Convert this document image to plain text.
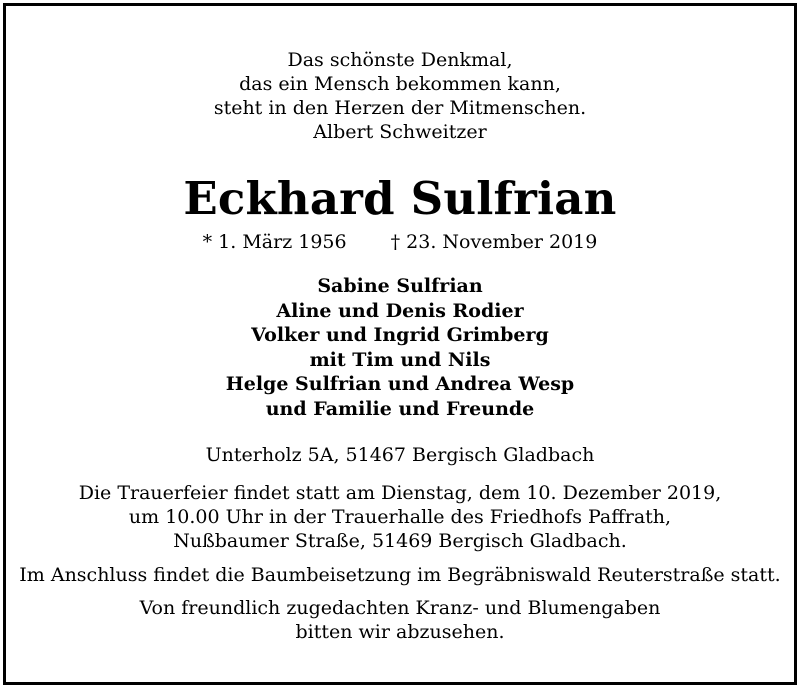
Das schönste Denkmal,
das ein Mensch bekommen kann,
steht in den Herzen der Mitmenschen.
Albert Schweitzer
Eckhard Sulfrian
* 1. März 1956 † 23. November 2019
Sabine Sulfrian
Aline und Denis Rodier
Volker und Ingrid Grimberg
mit Tim und Nils
Helge Sulfrian und Andrea Wesp
und Familie und Freunde
Unterholz 5A, 51467 Bergisch Gladbach
Die Trauerfeier findet statt am Dienstag, dem 10. Dezember 2019,
um 10.00 Uhr in der Trauerhalle des Friedhofs Paffrath,
Nußbaumer Straße, 51469 Bergisch Gladbach.
Im Anschluss findet die Baumbeisetzung im Begräbniswald Reuterstraße statt.
Von freundlich zugedachten Kranz- und Blumengaben
bitten wir abzusehen.
